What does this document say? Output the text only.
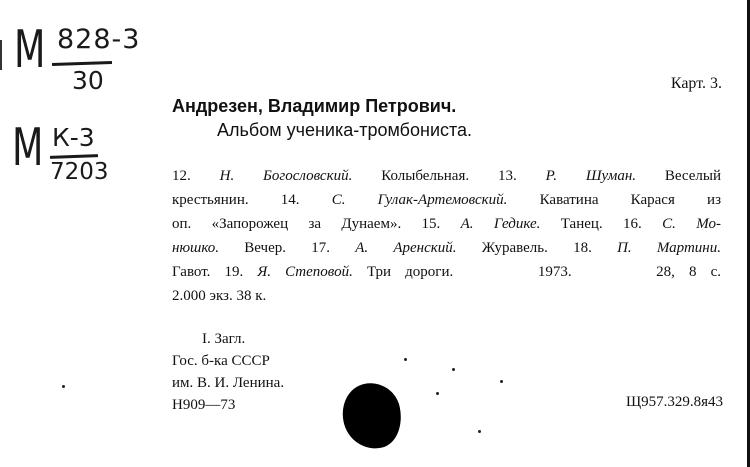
М 828-3
30
М К-3
7203
Карт. 3.
Андрезен, Владимир Петрович.
Альбом ученика-тромбониста.
12. Н. Богословский. Колыбельная. 13. Р. Шуман. Веселый
крестьянин. 14. С. Гулак-Артемовский. Каватина Карася из
оп. «Запорожец за Дунаем». 15. А. Гедике. Танец. 16. С. Мо-
нюшко. Вечер. 17. А. Аренский. Журавель. 18. П. Мартини.
Гавот. 19. Я. Степовой. Три дороги.      1973.      28, 8 с.
2.000 экз. 38 к.
I. Загл.
Гос. б-ка СССР
им. В. И. Ленина.
Н909—73	Щ957.329.8я43
